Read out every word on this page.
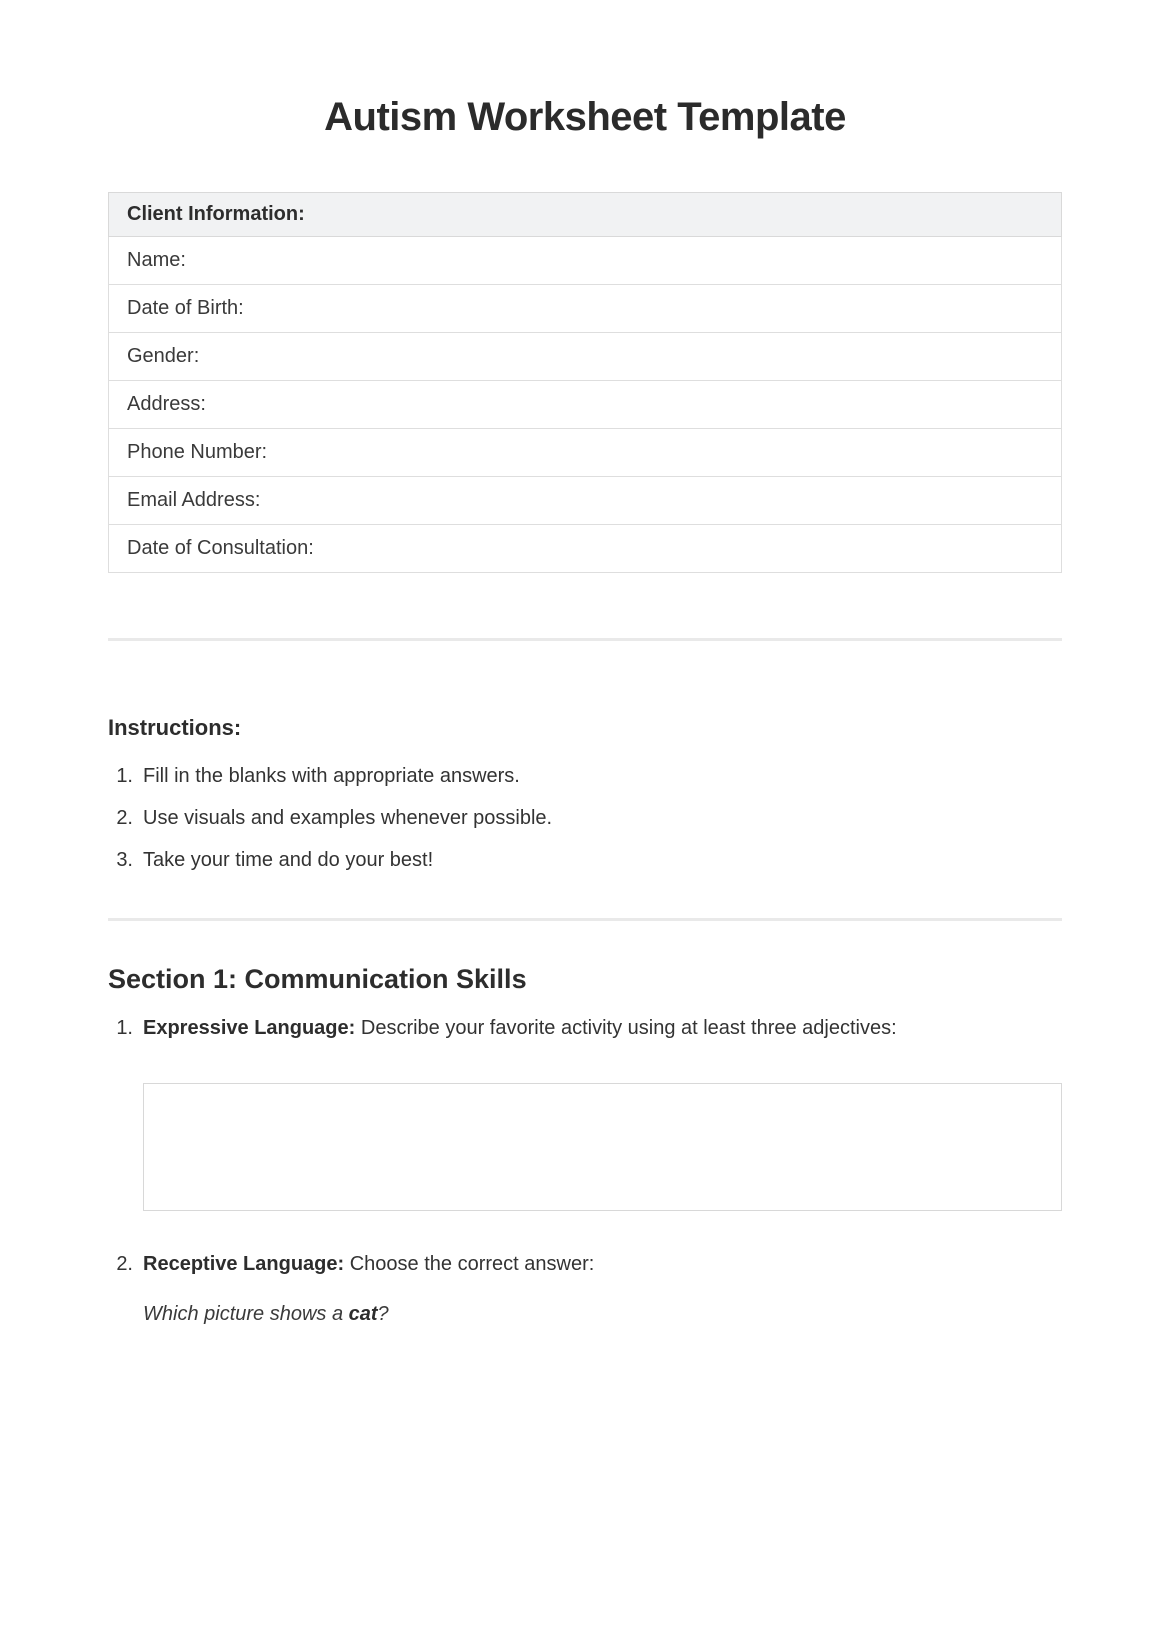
Autism Worksheet Template
Client Information:
Name:
Date of Birth:
Gender:
Address:
Phone Number:
Email Address:
Date of Consultation:
Instructions:
1. Fill in the blanks with appropriate answers.
2. Use visuals and examples whenever possible.
3. Take your time and do your best!
Section 1: Communication Skills
1. Expressive Language: Describe your favorite activity using at least three adjectives:
2. Receptive Language: Choose the correct answer:
Which picture shows a cat?
